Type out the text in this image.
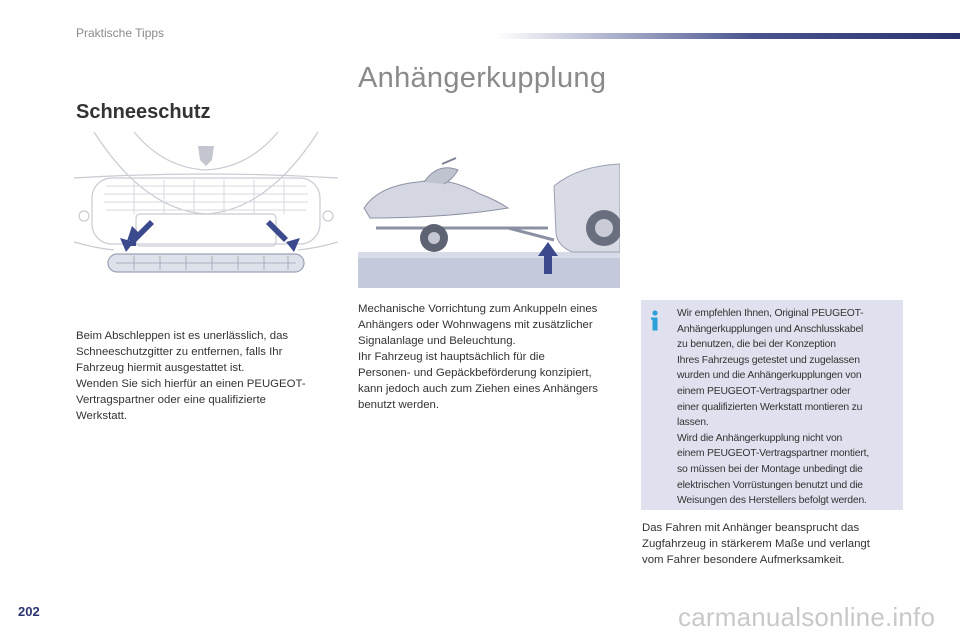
Praktische Tipps
Anhängerkupplung
Schneeschutz
Beim Abschleppen ist es unerlässlich, das
Schneeschutzgitter zu entfernen, falls Ihr
Fahrzeug hiermit ausgestattet ist.
Wenden Sie sich hierfür an einen PEUGEOT-
Vertragspartner oder eine qualifizierte
Werkstatt.
Mechanische Vorrichtung zum Ankuppeln eines
Anhängers oder Wohnwagens mit zusätzlicher
Signalanlage und Beleuchtung.
Ihr Fahrzeug ist hauptsächlich für die
Personen- und Gepäckbeförderung konzipiert,
kann jedoch auch zum Ziehen eines Anhängers
benutzt werden.
Wir empfehlen Ihnen, Original PEUGEOT-
Anhängerkupplungen und Anschlusskabel
zu benutzen, die bei der Konzeption
Ihres Fahrzeugs getestet und zugelassen
wurden und die Anhängerkupplungen von
einem PEUGEOT-Vertragspartner oder
einer qualifizierten Werkstatt montieren zu
lassen.
Wird die Anhängerkupplung nicht von
einem PEUGEOT-Vertragspartner montiert,
so müssen bei der Montage unbedingt die
elektrischen Vorrüstungen benutzt und die
Weisungen des Herstellers befolgt werden.
Das Fahren mit Anhänger beansprucht das
Zugfahrzeug in stärkerem Maße und verlangt
vom Fahrer besondere Aufmerksamkeit.
202	carmanualsonline.info
